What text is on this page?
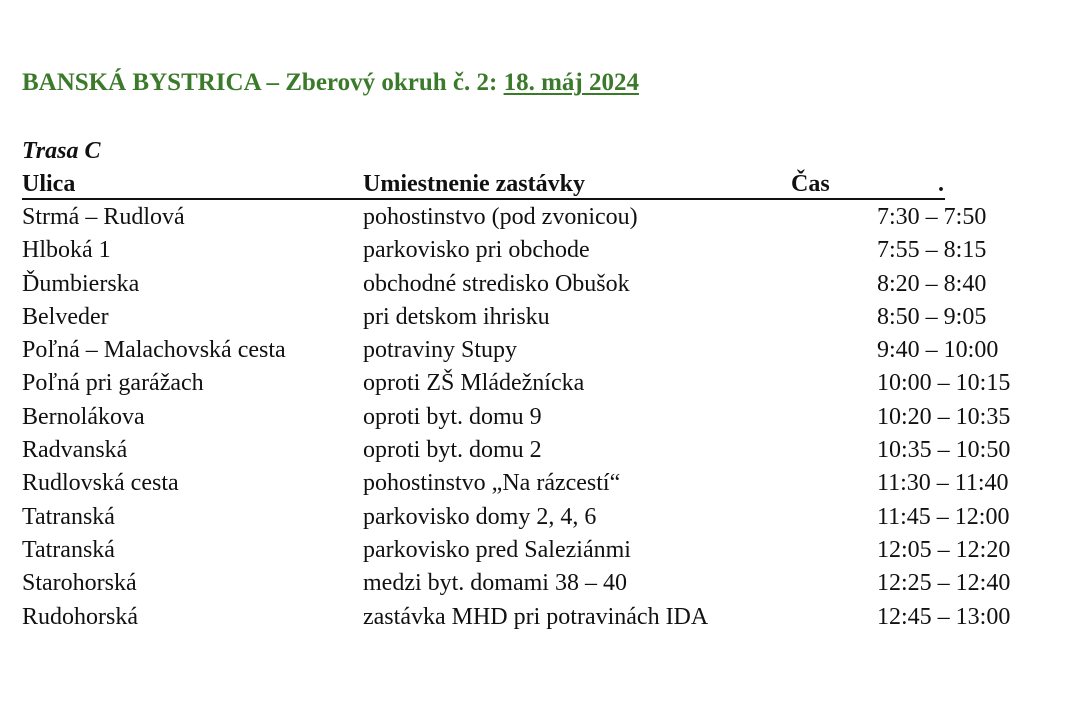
BANSKÁ BYSTRICA – Zberový okruh č. 2: 18. máj 2024
Trasa C
Ulica	Umiestnenie zastávky	Čas	.
Strmá – Rudlová	pohostinstvo (pod zvonicou)	7:30 – 7:50
Hlboká 1	parkovisko pri obchode	7:55 – 8:15
Ďumbierska	obchodné stredisko Obušok	8:20 – 8:40
Belveder	pri detskom ihrisku	8:50 – 9:05
Poľná – Malachovská cesta	potraviny Stupy	9:40 – 10:00
Poľná pri garážach	oproti ZŠ Mládežnícka	10:00 – 10:15
Bernolákova	oproti byt. domu 9	10:20 – 10:35
Radvanská	oproti byt. domu 2	10:35 – 10:50
Rudlovská cesta	pohostinstvo „Na rázcestí“	11:30 – 11:40
Tatranská	parkovisko domy 2, 4, 6	11:45 – 12:00
Tatranská	parkovisko pred Saleziánmi	12:05 – 12:20
Starohorská	medzi byt. domami 38 – 40	12:25 – 12:40
Rudohorská	zastávka MHD pri potravinách IDA	12:45 – 13:00
